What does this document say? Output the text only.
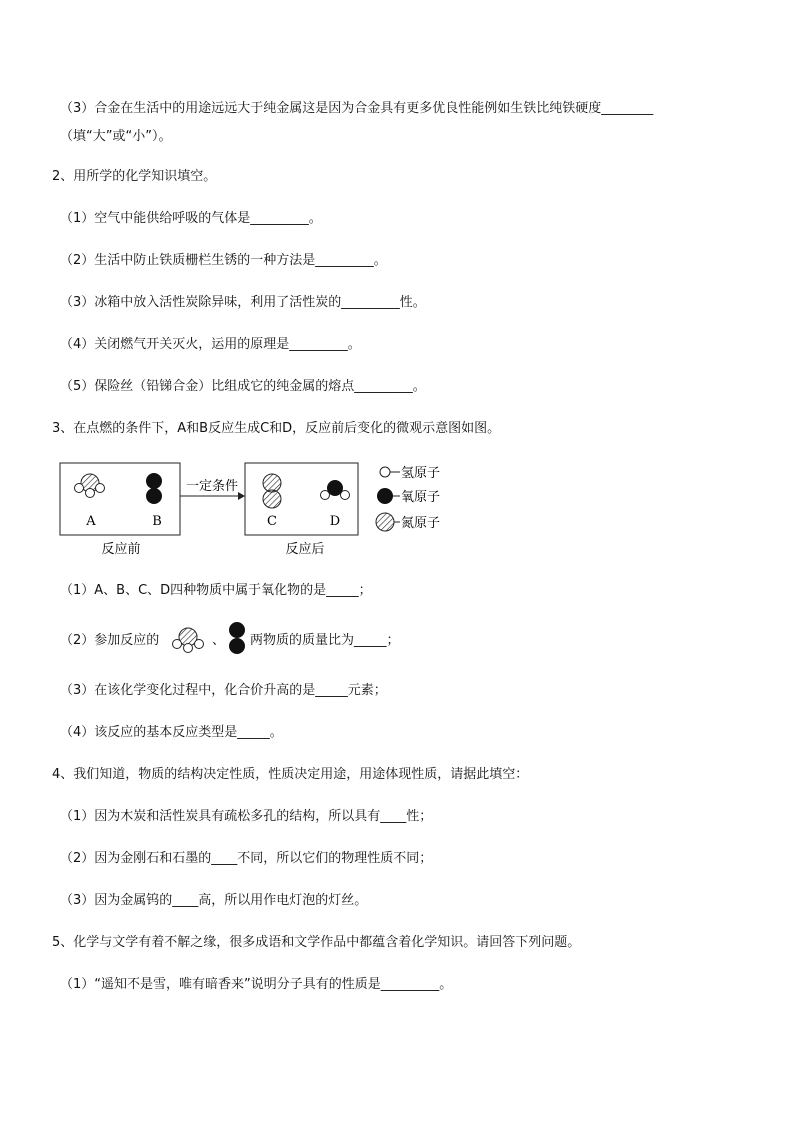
（3）合金在生活中的用途远远大于纯金属这是因为合金具有更多优良性能例如生铁比纯铁硬度________
（填“大”或“小”）。
2、用所学的化学知识填空。
（1）空气中能供给呼吸的气体是_________。
（2）生活中防止铁质栅栏生锈的一种方法是_________。
（3）冰箱中放入活性炭除异味，利用了活性炭的_________性。
（4）关闭燃气开关灭火，运用的原理是_________。
（5）保险丝（铅锑合金）比组成它的纯金属的熔点_________。
3、在点燃的条件下，A和B反应生成C和D，反应前后变化的微观示意图如图。
A	B
反应前
一定条件
C	D
反应后
氢原子
氧原子
氮原子
（1）A、B、C、D四种物质中属于氧化物的是_____；
（2）参加反应的	、 两物质的质量比为_____；
（3）在该化学变化过程中，化合价升高的是_____元素；
（4）该反应的基本反应类型是_____。
4、我们知道，物质的结构决定性质，性质决定用途，用途体现性质，请据此填空：
（1）因为木炭和活性炭具有疏松多孔的结构，所以具有____性；
（2）因为金刚石和石墨的____不同，所以它们的物理性质不同；
（3）因为金属钨的____高，所以用作电灯泡的灯丝。
5、化学与文学有着不解之缘，很多成语和文学作品中都蕴含着化学知识。请回答下列问题。
（1）“遥知不是雪，唯有暗香来”说明分子具有的性质是_________。
